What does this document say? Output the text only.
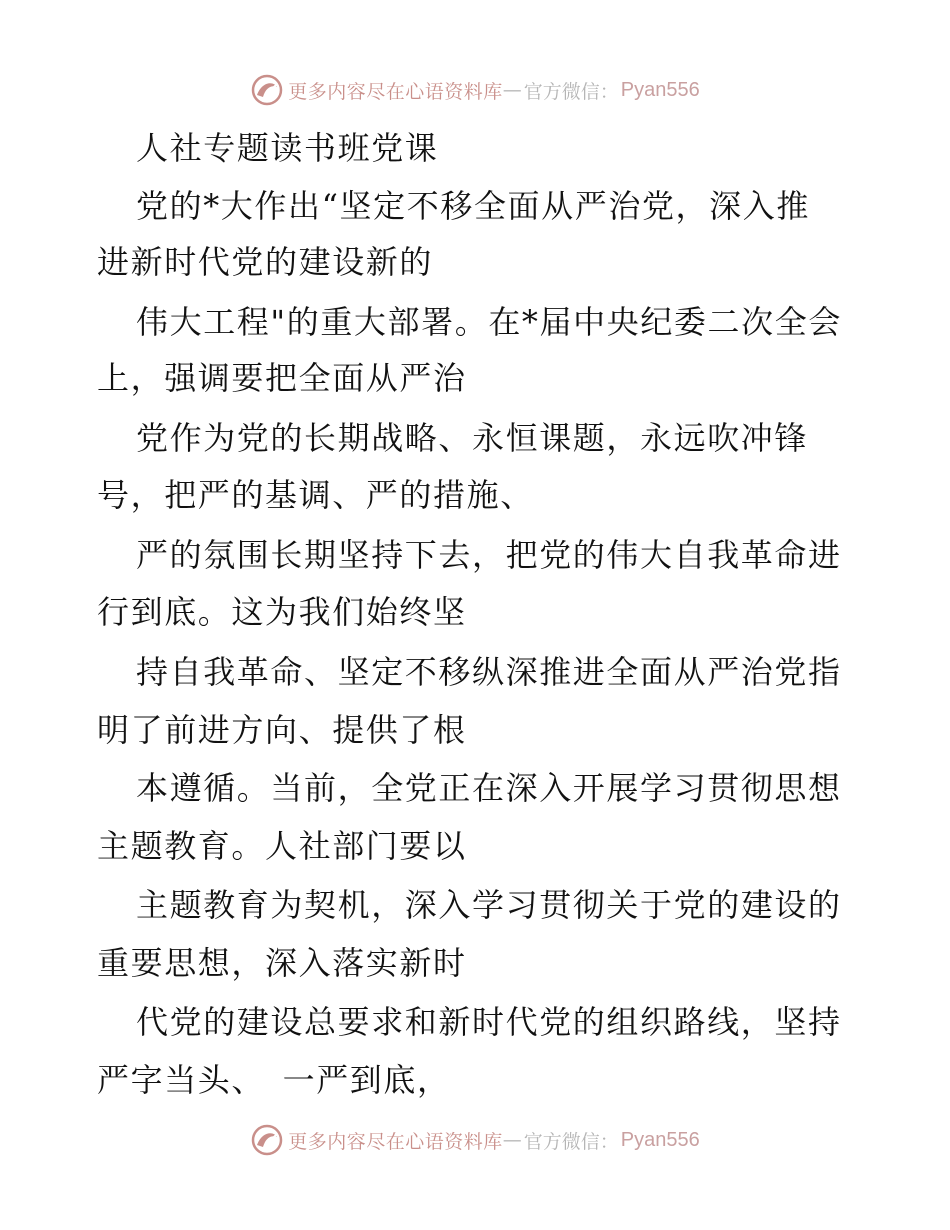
更多内容尽在心语资料库 — 官方微信： Pyan556
人社专题读书班党课
党的*大作出“坚定不移全面从严治党，深入推
进新时代党的建设新的
伟大工程"的重大部署。在*届中央纪委二次全会
上，强调要把全面从严治
党作为党的长期战略、永恒课题，永远吹冲锋
号，把严的基调、严的措施、
严的氛围长期坚持下去，把党的伟大自我革命进
行到底。这为我们始终坚
持自我革命、坚定不移纵深推进全面从严治党指
明了前进方向、提供了根
本遵循。当前，全党正在深入开展学习贯彻思想
主题教育。人社部门要以
主题教育为契机，深入学习贯彻关于党的建设的
重要思想，深入落实新时
代党的建设总要求和新时代党的组织路线，坚持
严字当头、　一严到底，
更多内容尽在心语资料库 — 官方微信： Pyan556
